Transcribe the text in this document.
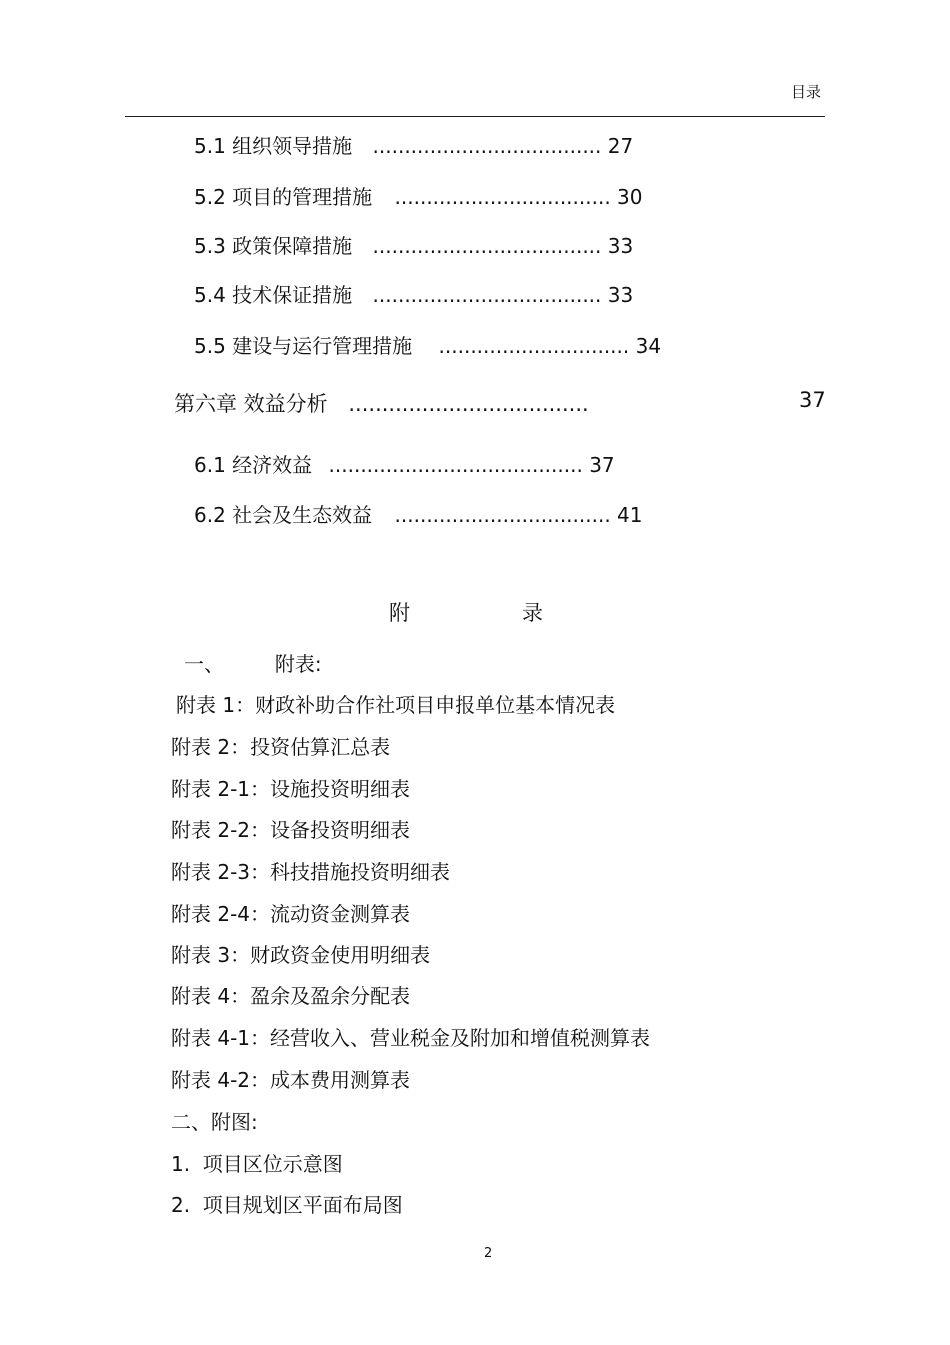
目录
5.1 组织领导措施 .................................... 27
5.2 项目的管理措施 .................................. 30
5.3 政策保障措施 .................................... 33
5.4 技术保证措施 .................................... 33
5.5 建设与运行管理措施 .............................. 34
第六章 效益分析 ....................................	37
6.1 经济效益 ........................................ 37
6.2 社会及生态效益 .................................. 41
附	录
一、        附表:
附表 1：财政补助合作社项目申报单位基本情况表
附表 2：投资估算汇总表
附表 2-1：设施投资明细表
附表 2-2：设备投资明细表
附表 2-3：科技措施投资明细表
附表 2-4：流动资金测算表
附表 3：财政资金使用明细表
附表 4：盈余及盈余分配表
附表 4-1：经营收入、营业税金及附加和增值税测算表
附表 4-2：成本费用测算表
二、附图:
1.  项目区位示意图
2.  项目规划区平面布局图
2
